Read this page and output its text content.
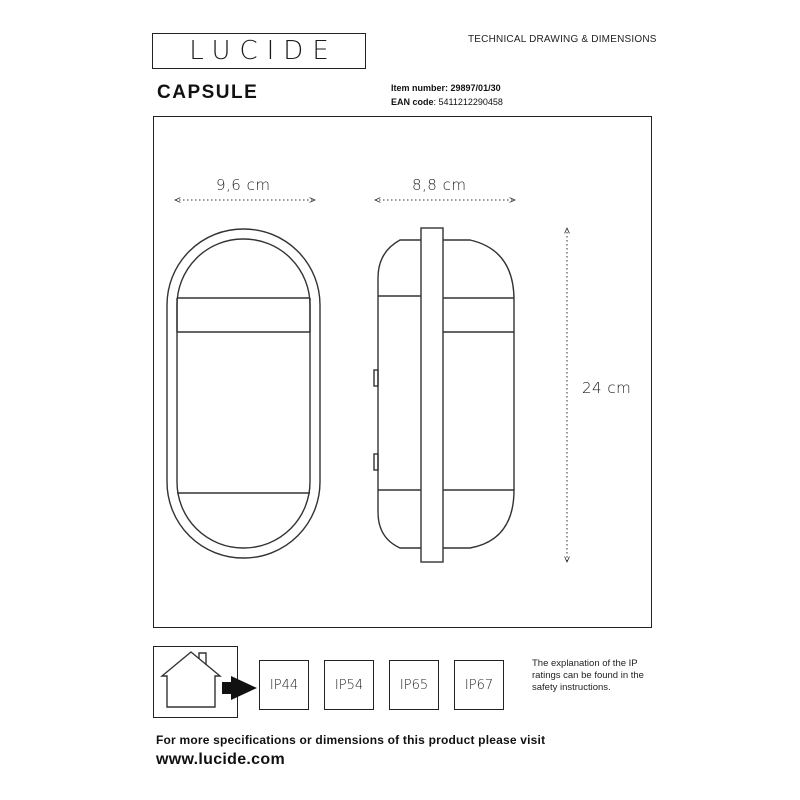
LUCIDE	TECHNICAL DRAWING & DIMENSIONS
CAPSULE	Item number: 29897/01/30
EAN code: 5411212290458
9,6 cm	8,8 cm
24 cm
IP44	IP54	IP65	IP67
The explanation of the IP ratings can be found in the safety instructions.
For more specifications or dimensions of this product please visit
www.lucide.com
